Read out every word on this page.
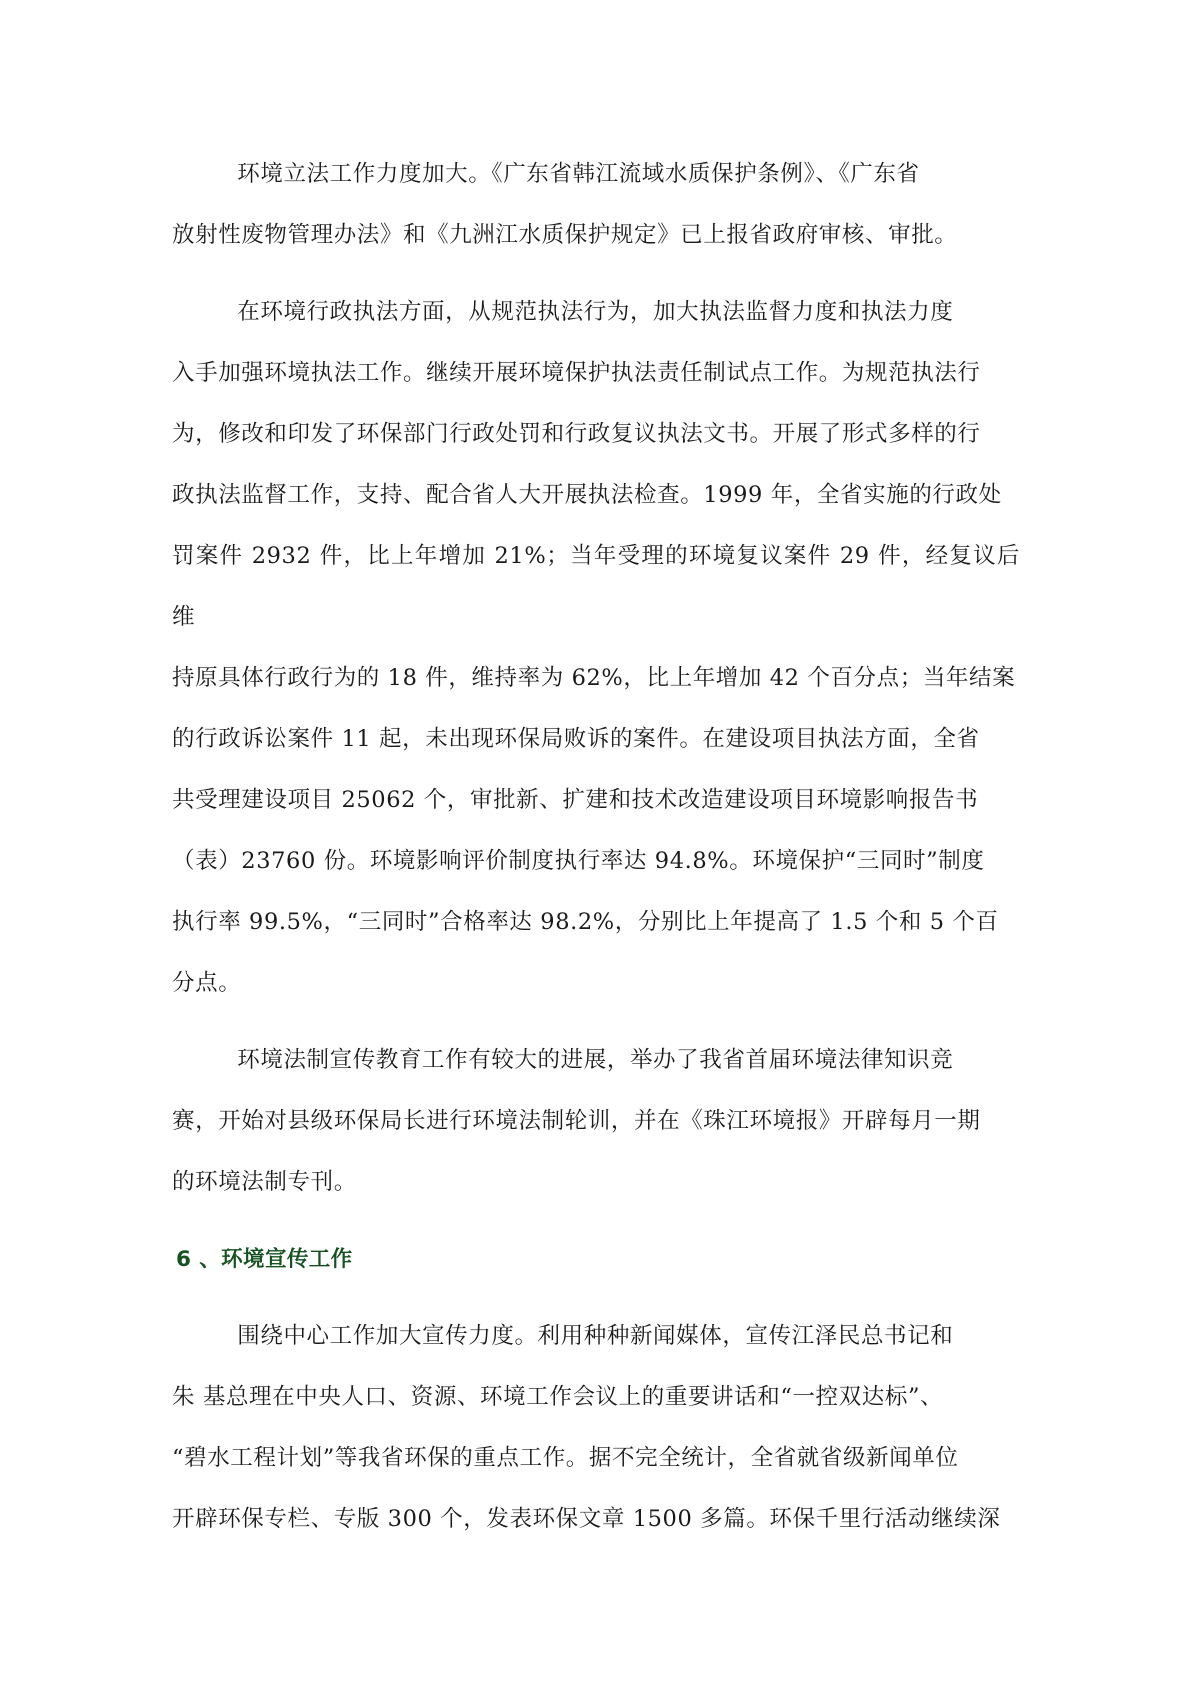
环境立法工作力度加大。《广东省韩江流域水质保护条例》、《广东省
放射性废物管理办法》和《九洲江水质保护规定》已上报省政府审核、审批。

在环境行政执法方面，从规范执法行为，加大执法监督力度和执法力度
入手加强环境执法工作。继续开展环境保护执法责任制试点工作。为规范执法行
为，修改和印发了环保部门行政处罚和行政复议执法文书。开展了形式多样的行
政执法监督工作，支持、配合省人大开展执法检查。1999 年，全省实施的行政处
罚案件 2932 件，比上年增加 21%；当年受理的环境复议案件 29 件，经复议后维
持原具体行政行为的 18 件，维持率为 62%，比上年增加 42 个百分点；当年结案
的行政诉讼案件 11 起，未出现环保局败诉的案件。在建设项目执法方面，全省
共受理建设项目 25062 个，审批新、扩建和技术改造建设项目环境影响报告书
（表）23760 份。环境影响评价制度执行率达 94.8%。环境保护“三同时”制度
执行率 99.5%，“三同时”合格率达 98.2%，分别比上年提高了 1.5 个和 5 个百
分点。

环境法制宣传教育工作有较大的进展，举办了我省首届环境法律知识竞
赛，开始对县级环保局长进行环境法制轮训，并在《珠江环境报》开辟每月一期
的环境法制专刊。

6 、环境宣传工作

围绕中心工作加大宣传力度。利用种种新闻媒体，宣传江泽民总书记和
朱 基总理在中央人口、资源、环境工作会议上的重要讲话和“一控双达标”、
“碧水工程计划”等我省环保的重点工作。据不完全统计，全省就省级新闻单位
开辟环保专栏、专版 300 个，发表环保文章 1500 多篇。环保千里行活动继续深
